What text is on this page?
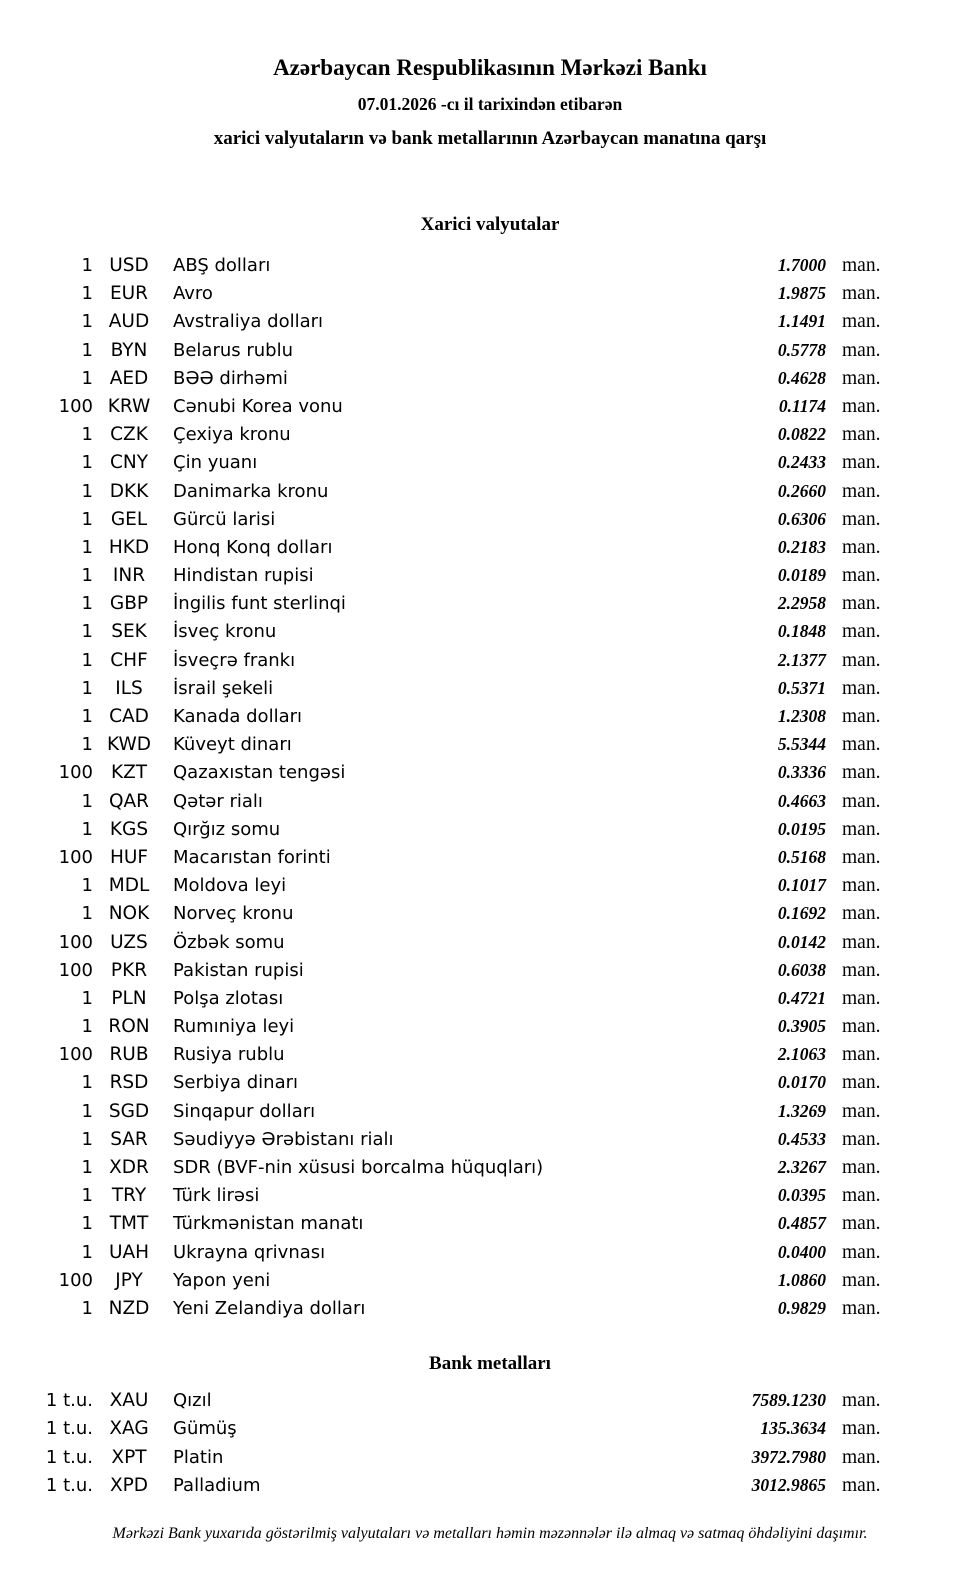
Azərbaycan Respublikasının Mərkəzi Bankı
07.01.2026 -cı il tarixindən etibarən
xarici valyutaların və bank metallarının Azərbaycan manatına qarşı
Xarici valyutalar
1 USD	ABŞ dolları	1.7000 man.
1 EUR	Avro	1.9875 man.
1 AUD	Avstraliya dolları	1.1491 man.
1 BYN	Belarus rublu	0.5778 man.
1 AED	BƏƏ dirhəmi	0.4628 man.
100 KRW	Cənubi Korea vonu	0.1174 man.
1 CZK	Çexiya kronu	0.0822 man.
1 CNY	Çin yuanı	0.2433 man.
1 DKK	Danimarka kronu	0.2660 man.
1 GEL	Gürcü larisi	0.6306 man.
1 HKD	Honq Konq dolları	0.2183 man.
1	INR	Hindistan rupisi	0.0189 man.
1 GBP	İngilis funt sterlinqi	2.2958 man.
1 SEK	İsveç kronu	0.1848 man.
1 CHF	İsveçrə frankı	2.1377 man.
1	ILS	İsrail şekeli	0.5371 man.
1 CAD	Kanada dolları	1.2308 man.
1 KWD	Küveyt dinarı	5.5344 man.
100 KZT	Qazaxıstan tengəsi	0.3336 man.
1 QAR	Qətər rialı	0.4663 man.
1 KGS	Qırğız somu	0.0195 man.
100 HUF	Macarıstan forinti	0.5168 man.
1 MDL	Moldova leyi	0.1017 man.
1 NOK	Norveç kronu	0.1692 man.
100 UZS	Özbək somu	0.0142 man.
100 PKR	Pakistan rupisi	0.6038 man.
1 PLN	Polşa zlotası	0.4721 man.
1 RON	Rumıniya leyi	0.3905 man.
100 RUB	Rusiya rublu	2.1063 man.
1 RSD	Serbiya dinarı	0.0170 man.
1 SGD	Sinqapur dolları	1.3269 man.
1 SAR	Səudiyyə Ərəbistanı rialı	0.4533 man.
1 XDR	SDR (BVF-nin xüsusi borcalma hüquqları)	2.3267 man.
1	TRY	Türk lirəsi	0.0395 man.
1 TMT	Türkmənistan manatı	0.4857 man.
1 UAH	Ukrayna qrivnası	0.0400 man.
100	JPY	Yapon yeni	1.0860 man.
1 NZD	Yeni Zelandiya dolları	0.9829 man.
Bank metalları
1 t.u. XAU	Qızıl	7589.1230 man.
1 t.u. XAG	Gümüş	135.3634 man.
1 t.u. XPT	Platin	3972.7980 man.
1 t.u. XPD	Palladium	3012.9865 man.
Mərkəzi Bank yuxarıda göstərilmiş valyutaları və metalları həmin məzənnələr ilə almaq və satmaq öhdəliyini daşımır.
